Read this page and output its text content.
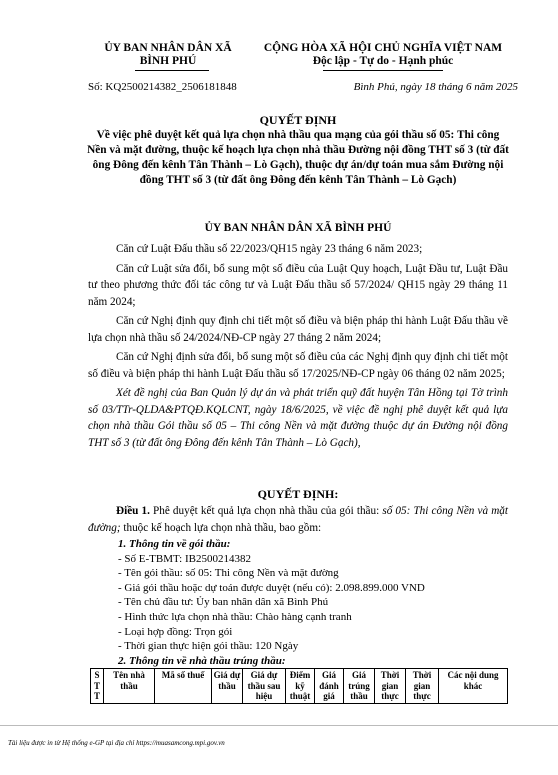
ỦY BAN NHÂN DÂN XÃ
BÌNH PHÚ
CỘNG HÒA XÃ HỘI CHỦ NGHĨA VIỆT NAM
Độc lập - Tự do - Hạnh phúc
Số: KQ2500214382_2506181848	Bình Phú, ngày 18 tháng 6 năm 2025
QUYẾT ĐỊNH
Về việc phê duyệt kết quả lựa chọn nhà thầu qua mạng của gói thầu số 05: Thi công Nền và mặt đường, thuộc kế hoạch lựa chọn nhà thầu Đường nội đồng THT số 3 (từ đất ông Đông đến kênh Tân Thành – Lò Gạch), thuộc dự án/dự toán mua sắm Đường nội đồng THT số 3 (từ đất ông Đông đến kênh Tân Thành – Lò Gạch)
ỦY BAN NHÂN DÂN XÃ BÌNH PHÚ

Căn cứ Luật Đấu thầu số 22/2023/QH15 ngày 23 tháng 6 năm 2023;

Căn cứ Luật sửa đổi, bổ sung một số điều của Luật Quy hoạch, Luật Đầu tư, Luật Đầu tư theo phương thức đối tác công tư và Luật Đấu thầu số 57/2024/ QH15 ngày 29 tháng 11 năm 2024;

Căn cứ Nghị định quy định chi tiết một số điều và biện pháp thi hành Luật Đấu thầu về lựa chọn nhà thầu số 24/2024/NĐ-CP ngày 27 tháng 2 năm 2024;

Căn cứ Nghị định sửa đổi, bổ sung một số điều của các Nghị định quy định chi tiết một số điều và biện pháp thi hành Luật Đấu thầu số 17/2025/NĐ-CP ngày 06 tháng 02 năm 2025;

Xét đề nghị của Ban Quản lý dự án và phát triển quỹ đất huyện Tân Hồng tại Tờ trình số 03/TTr-QLDA&PTQĐ.KQLCNT, ngày 18/6/2025, về việc đề nghị phê duyệt kết quả lựa chọn nhà thầu Gói thầu số 05 – Thi công Nền và mặt đường thuộc dự án Đường nội đồng THT số 3 (từ đất ông Đông đến kênh Tân Thành – Lò Gạch),

QUYẾT ĐỊNH:
Điều 1. Phê duyệt kết quả lựa chọn nhà thầu của gói thầu: số 05: Thi công Nền và mặt đường; thuộc kế hoạch lựa chọn nhà thầu, bao gồm:
1. Thông tin về gói thầu:
- Số E-TBMT: IB2500214382
- Tên gói thầu: số 05: Thi công Nền và mặt đường
- Giá gói thầu hoặc dự toán được duyệt (nếu có): 2.098.899.000 VND
- Tên chủ đầu tư: Ủy ban nhân dân xã Bình Phú
- Hình thức lựa chọn nhà thầu: Chào hàng cạnh tranh
- Loại hợp đồng: Trọn gói
- Thời gian thực hiện gói thầu: 120 Ngày
2. Thông tin về nhà thầu trúng thầu:
S T T	Tên nhà thầu	Mã số thuế	Giá dự thầu	Giá dự thầu sau hiệu	Điểm kỹ thuật	Giá đánh giá	Giá trúng thầu	Thời gian thực	Thời gian thực	Các nội dung khác
Tài liệu được in từ Hệ thống e-GP tại địa chỉ https://muasamcong.mpi.gov.vn
